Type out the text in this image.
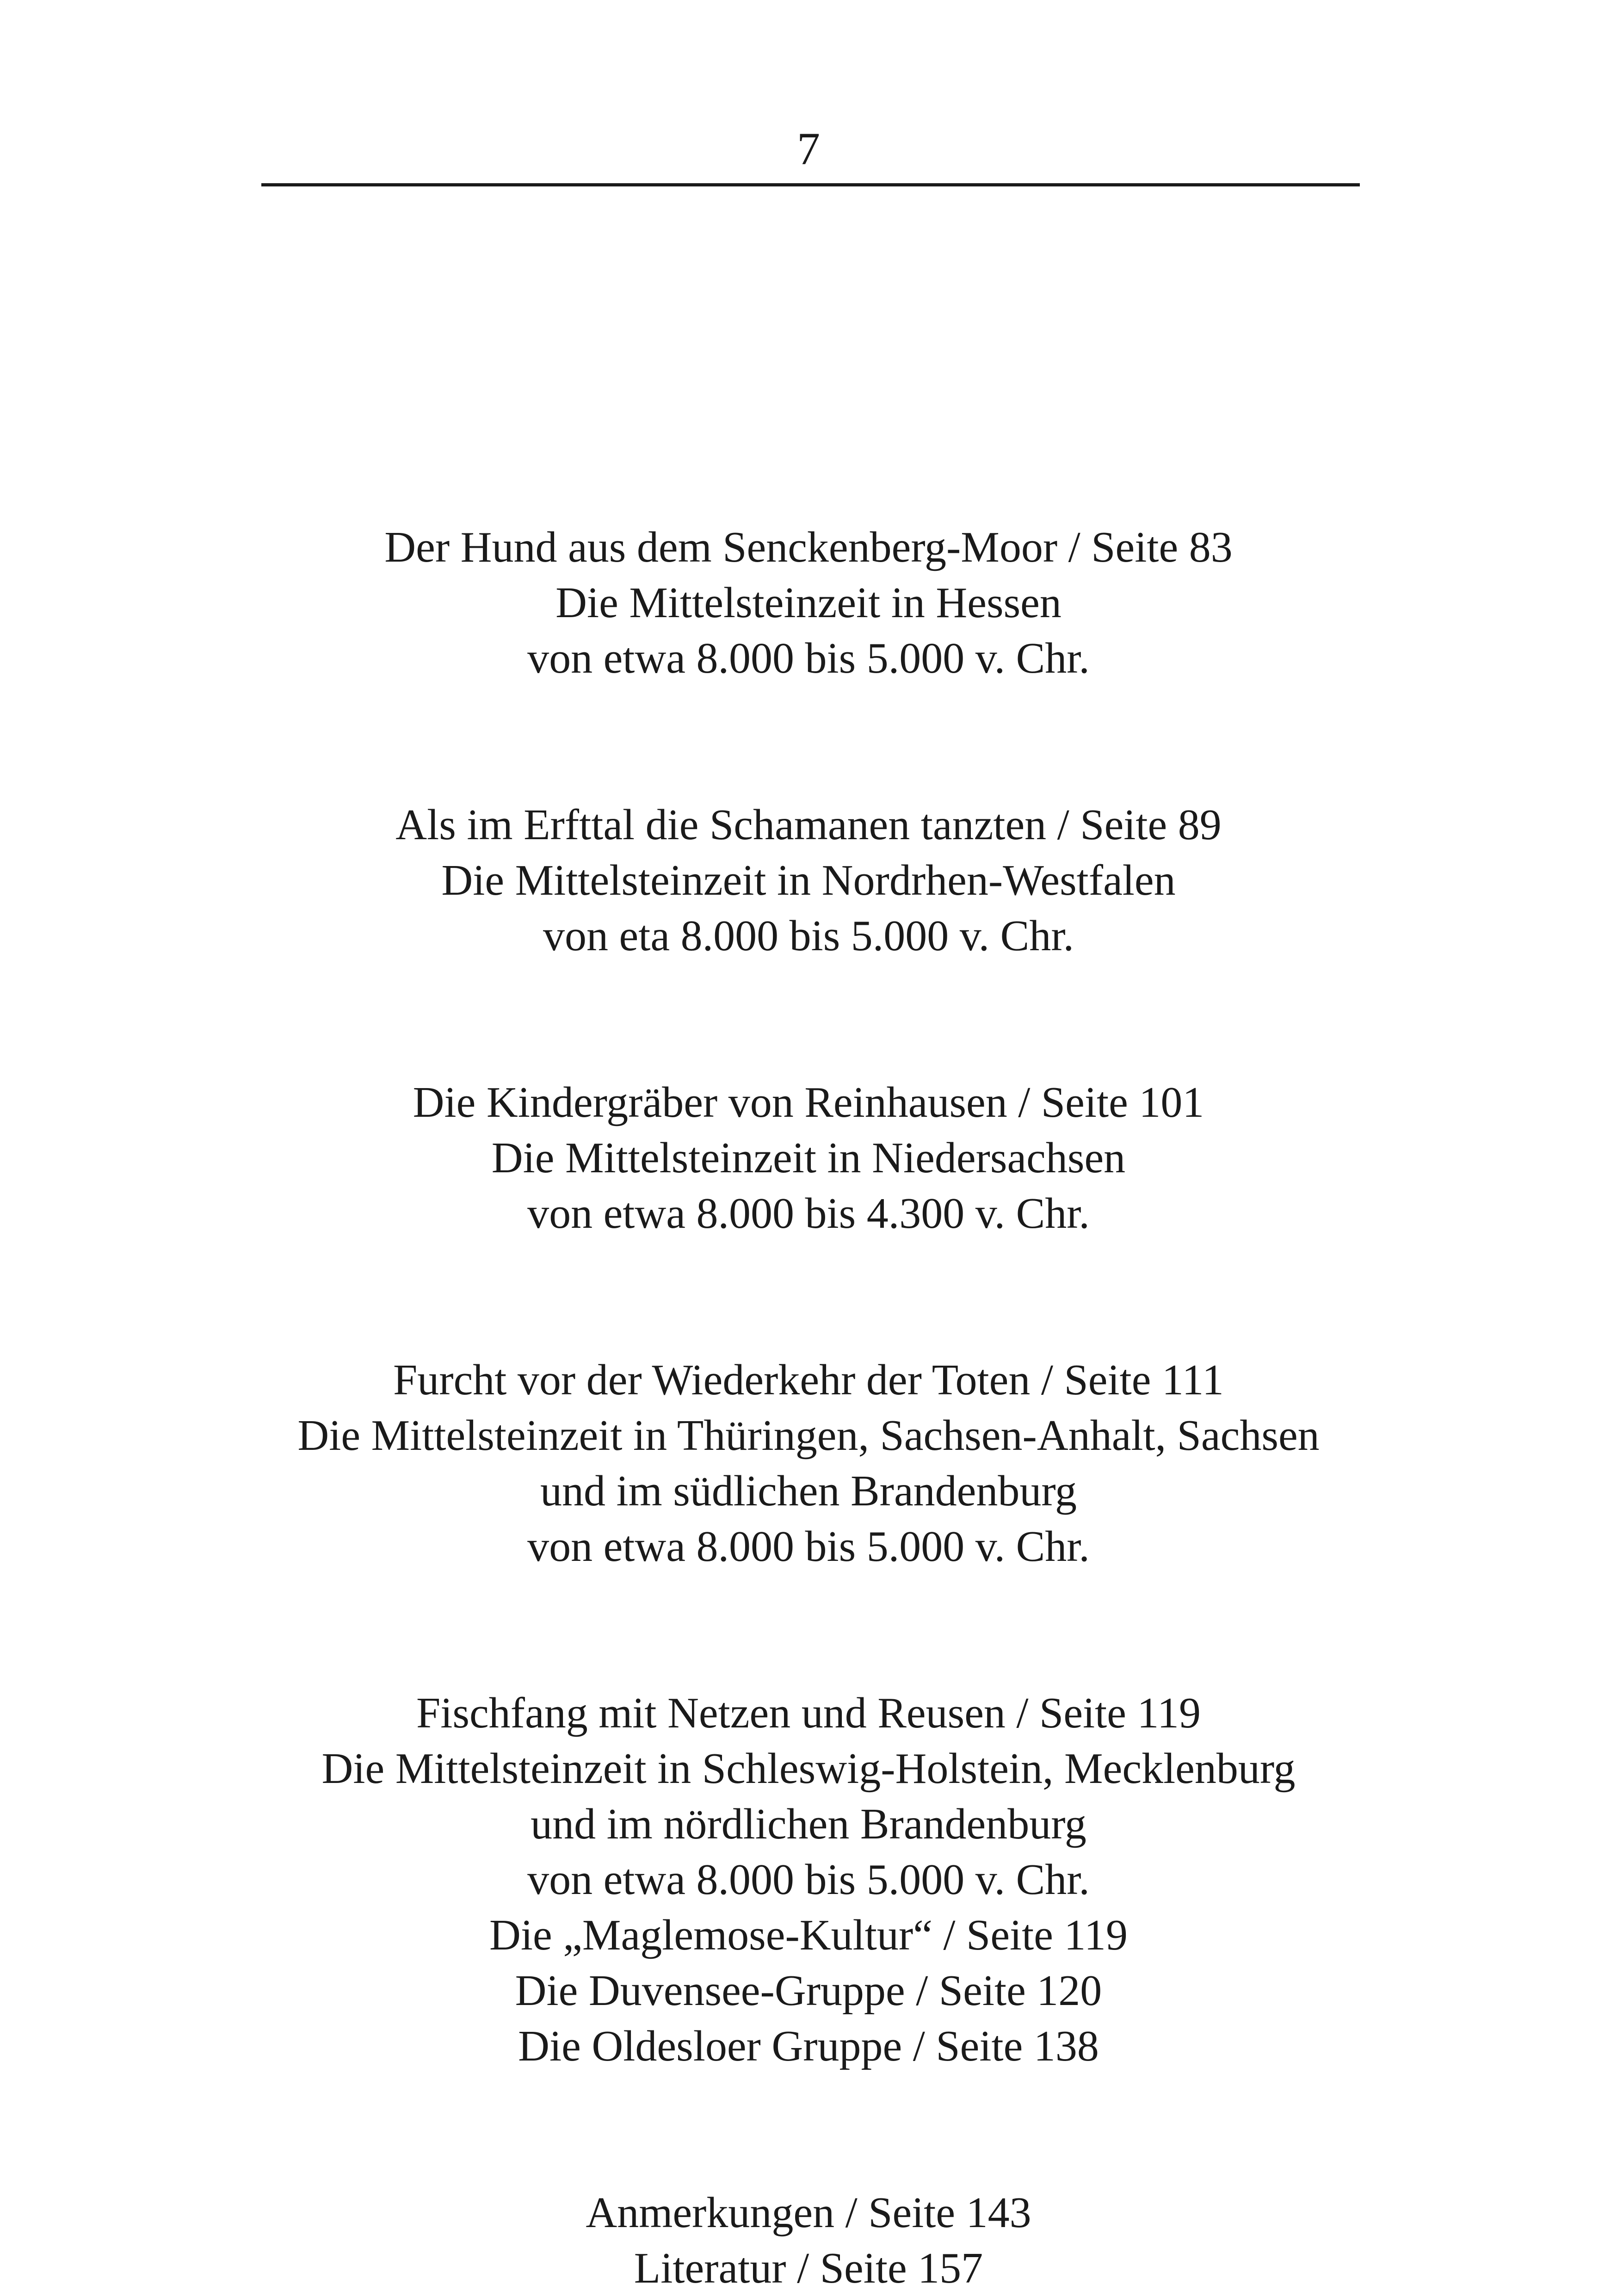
7
Der Hund aus dem Senckenberg-Moor / Seite 83
Die Mittelsteinzeit in Hessen
von etwa 8.000 bis 5.000 v. Chr.
Als im Erfttal die Schamanen tanzten / Seite 89
Die Mittelsteinzeit in Nordrhen-Westfalen
von eta 8.000 bis 5.000 v. Chr.
Die Kindergräber von Reinhausen / Seite 101
Die Mittelsteinzeit in Niedersachsen
von etwa 8.000 bis 4.300 v. Chr.
Furcht vor der Wiederkehr der Toten / Seite 111
Die Mittelsteinzeit in Thüringen, Sachsen-Anhalt, Sachsen
und im südlichen Brandenburg
von etwa 8.000 bis 5.000 v. Chr.
Fischfang mit Netzen und Reusen / Seite 119
Die Mittelsteinzeit in Schleswig-Holstein, Mecklenburg
und im nördlichen Brandenburg
von etwa 8.000 bis 5.000 v. Chr.
Die „Maglemose-Kultur“ / Seite 119
Die Duvensee-Gruppe / Seite 120
Die Oldesloer Gruppe / Seite 138
Anmerkungen / Seite 143
Literatur / Seite 157
